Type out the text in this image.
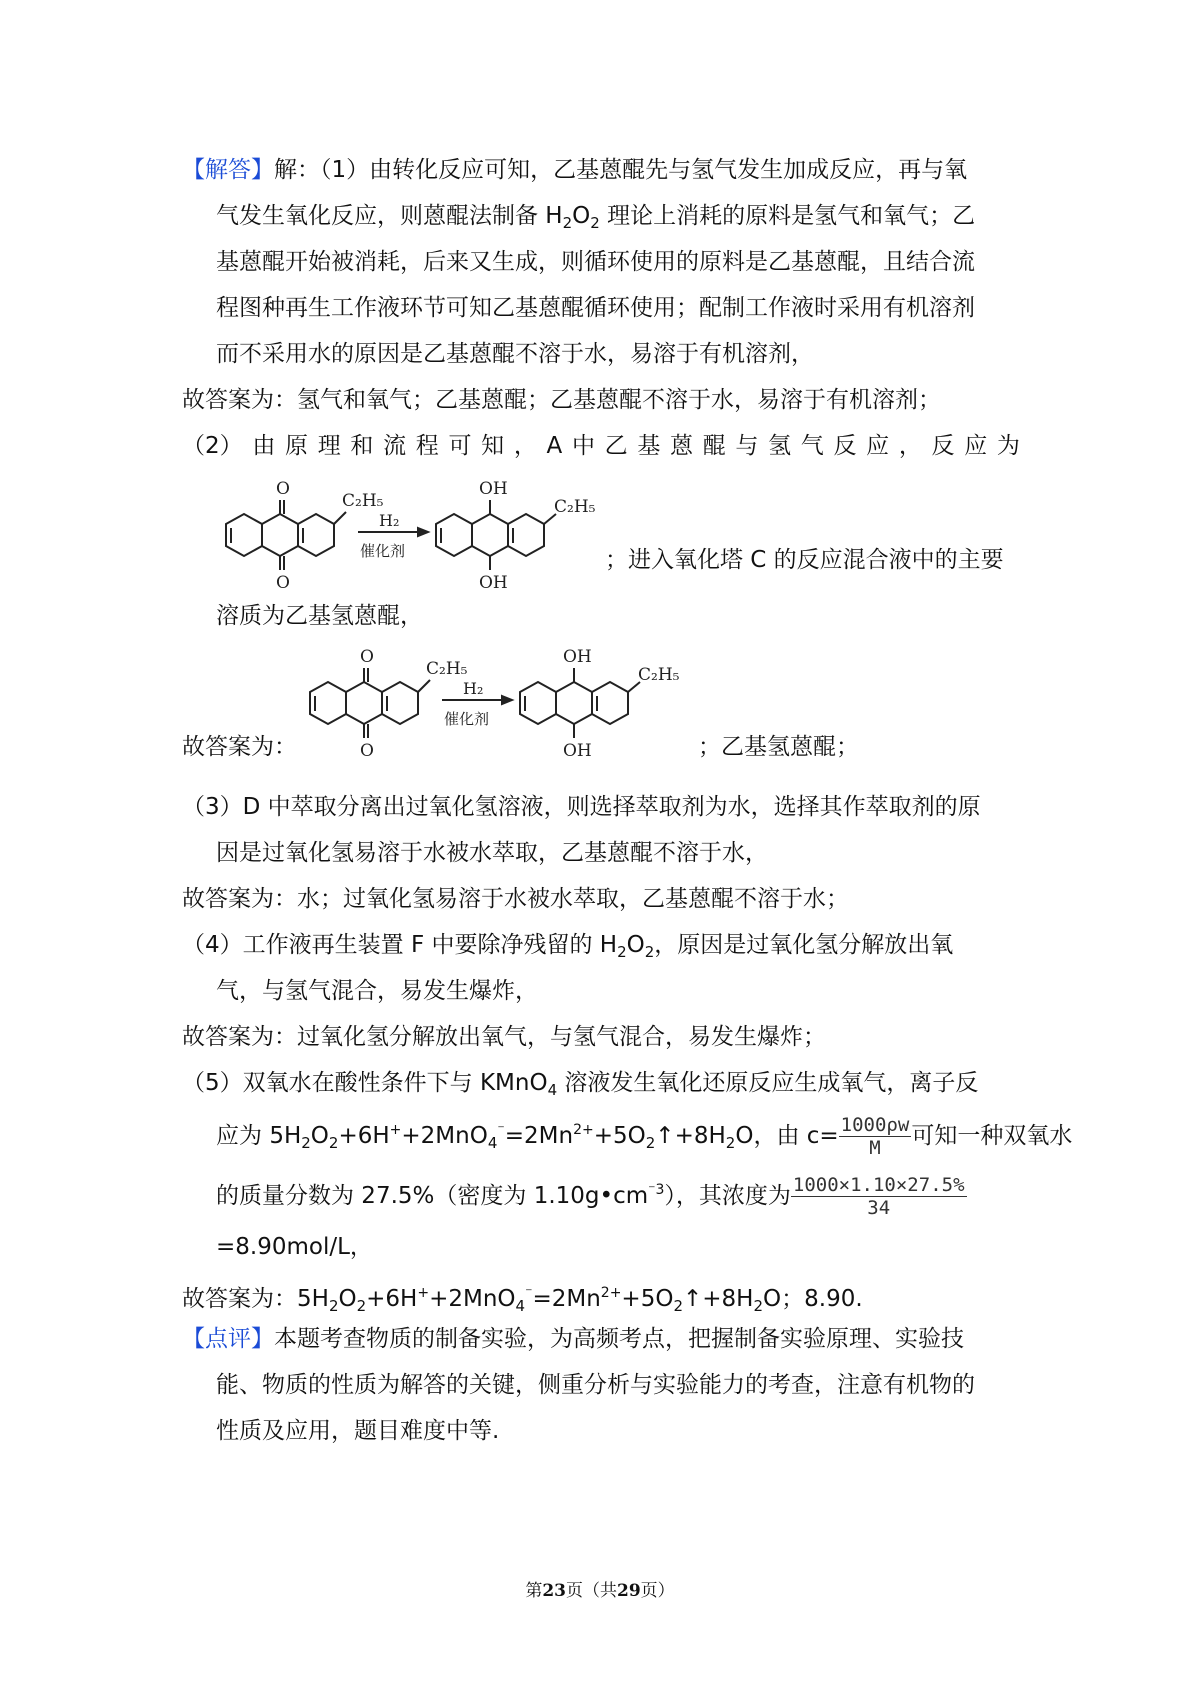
【解答】解：（1）由转化反应可知，乙基蒽醌先与氢气发生加成反应，再与氧
气发生氧化反应，则蒽醌法制备 $H_2O_2$ 理论上消耗的原料是氢气和氧气；乙
基蒽醌开始被消耗，后来又生成，则循环使用的原料是乙基蒽醌，且结合流
程图种再生工作液环节可知乙基蒽醌循环使用；配制工作液时采用有机溶剂
而不采用水的原因是乙基蒽醌不溶于水，易溶于有机溶剂，
故答案为：氢气和氧气；乙基蒽醌；乙基蒽醌不溶于水，易溶于有机溶剂；
（2） 由 原 理 和 流 程 可 知 ， A 中 乙 基 蒽 醌 与 氢 气 反 应 ， 反 应 为
O
O
C₂H₅
H₂
催化剂
OH
OH
C₂H₅
；进入氧化塔 C 的反应混合液中的主要
溶质为乙基氢蒽醌，
O
O
C₂H₅
H₂
催化剂
OH
OH
C₂H₅
故答案为：	；乙基氢蒽醌；
（3）D 中萃取分离出过氧化氢溶液，则选择萃取剂为水，选择其作萃取剂的原
因是过氧化氢易溶于水被水萃取，乙基蒽醌不溶于水，
故答案为：水；过氧化氢易溶于水被水萃取，乙基蒽醌不溶于水；
（4）工作液再生装置 F 中要除净残留的 $H_2O_2$，原因是过氧化氢分解放出氧
气，与氢气混合，易发生爆炸，
故答案为：过氧化氢分解放出氧气，与氢气混合，易发生爆炸；
（5）双氧水在酸性条件下与 KMnO$_4$ 溶液发生氧化还原反应生成氧气，离子反
应为 $5H_2O_2+6H^++2MnO_4^{^-}=2Mn^{2+}+5O_2↑+8H_2O$，由 $c= \frac{1000\rho w}{M}$ 可知一种双氧水
的质量分数为 27.5%（密度为 $1.10g•cm^{^-3}$），其浓度为 $\frac{1000\times 1.10\times 27.5\%}{34}$
=8.90mol/L，
故答案为：$5H_2O_2+6H^++2MnO_4^{^-}=2Mn^{2+}+5O_2↑+8H_2O$；8.90.
【点评】本题考查物质的制备实验，为高频考点，把握制备实验原理、实验技
能、物质的性质为解答的关键，侧重分析与实验能力的考查，注意有机物的
性质及应用，题目难度中等.
第23页（共29页）
